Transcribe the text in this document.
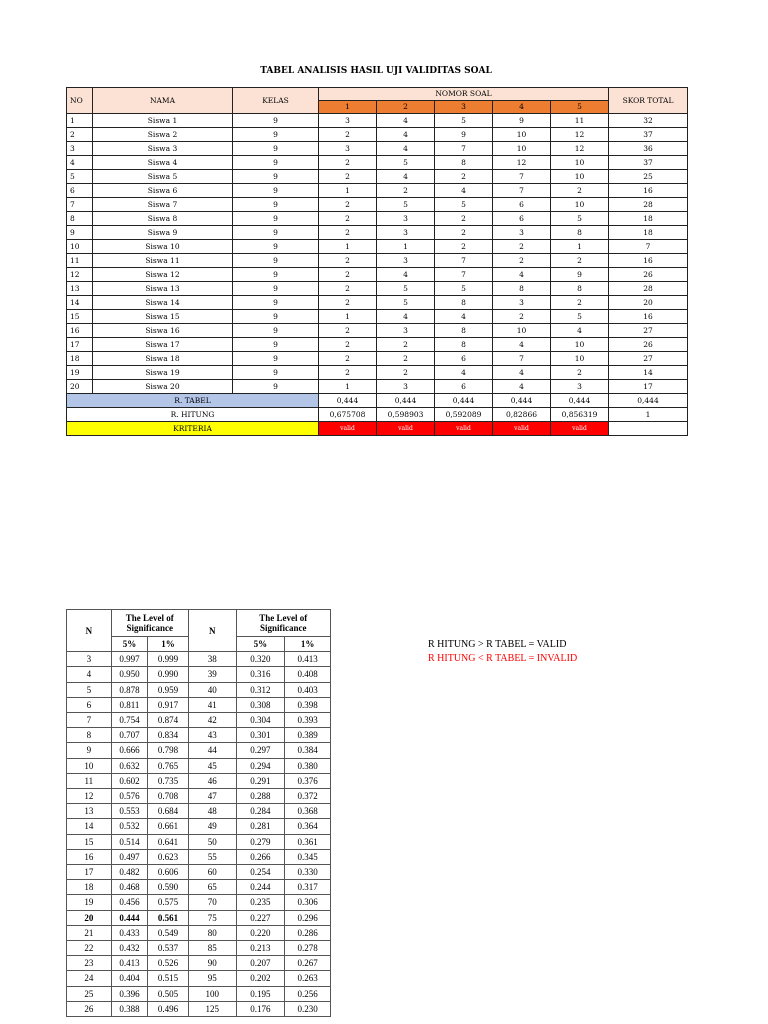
TABEL ANALISIS HASIL UJI VALIDITAS SOAL
NO	NAMA	KELAS	NOMOR SOAL					SKOR TOTAL
			1	2	3	4	5	
1	Siswa 1	9	3	4	5	9	11	32
2	Siswa 2	9	2	4	9	10	12	37
3	Siswa 3	9	3	4	7	10	12	36
4	Siswa 4	9	2	5	8	12	10	37
5	Siswa 5	9	2	4	2	7	10	25
6	Siswa 6	9	1	2	4	7	2	16
7	Siswa 7	9	2	5	5	6	10	28
8	Siswa 8	9	2	3	2	6	5	18
9	Siswa 9	9	2	3	2	3	8	18
10	Siswa 10	9	1	1	2	2	1	7
11	Siswa 11	9	2	3	7	2	2	16
12	Siswa 12	9	2	4	7	4	9	26
13	Siswa 13	9	2	5	5	8	8	28
14	Siswa 14	9	2	5	8	3	2	20
15	Siswa 15	9	1	4	4	2	5	16
16	Siswa 16	9	2	3	8	10	4	27
17	Siswa 17	9	2	2	8	4	10	26
18	Siswa 18	9	2	2	6	7	10	27
19	Siswa 19	9	2	2	4	4	2	14
20	Siswa 20	9	1	3	6	4	3	17
R. TABEL			0,444	0,444	0,444	0,444	0,444	0,444
R. HITUNG			0,675708	0,598903	0,592089	0,82866	0,856319	1
KRITERIA			valid	valid	valid	valid	valid	
N	The Level of Significance		N	The Level of Significance	
	5%	1%		5%	1%
3	0.997	0.999	38	0.320	0.413
4	0.950	0.990	39	0.316	0.408
5	0.878	0.959	40	0.312	0.403
6	0.811	0.917	41	0.308	0.398
7	0.754	0.874	42	0.304	0.393
8	0.707	0.834	43	0.301	0.389
9	0.666	0.798	44	0.297	0.384
10	0.632	0.765	45	0.294	0.380
11	0.602	0.735	46	0.291	0.376
12	0.576	0.708	47	0.288	0.372
13	0.553	0.684	48	0.284	0.368
14	0.532	0.661	49	0.281	0.364
15	0.514	0.641	50	0.279	0.361
16	0.497	0.623	55	0.266	0.345
17	0.482	0.606	60	0.254	0.330
18	0.468	0.590	65	0.244	0.317
19	0.456	0.575	70	0.235	0.306
20	0.444	0.561	75	0.227	0.296
21	0.433	0.549	80	0.220	0.286
22	0.432	0.537	85	0.213	0.278
23	0.413	0.526	90	0.207	0.267
24	0.404	0.515	95	0.202	0.263
25	0.396	0.505	100	0.195	0.256
26	0.388	0.496	125	0.176	0.230
R HITUNG > R TABEL = VALID
R HITUNG < R TABEL = INVALID
